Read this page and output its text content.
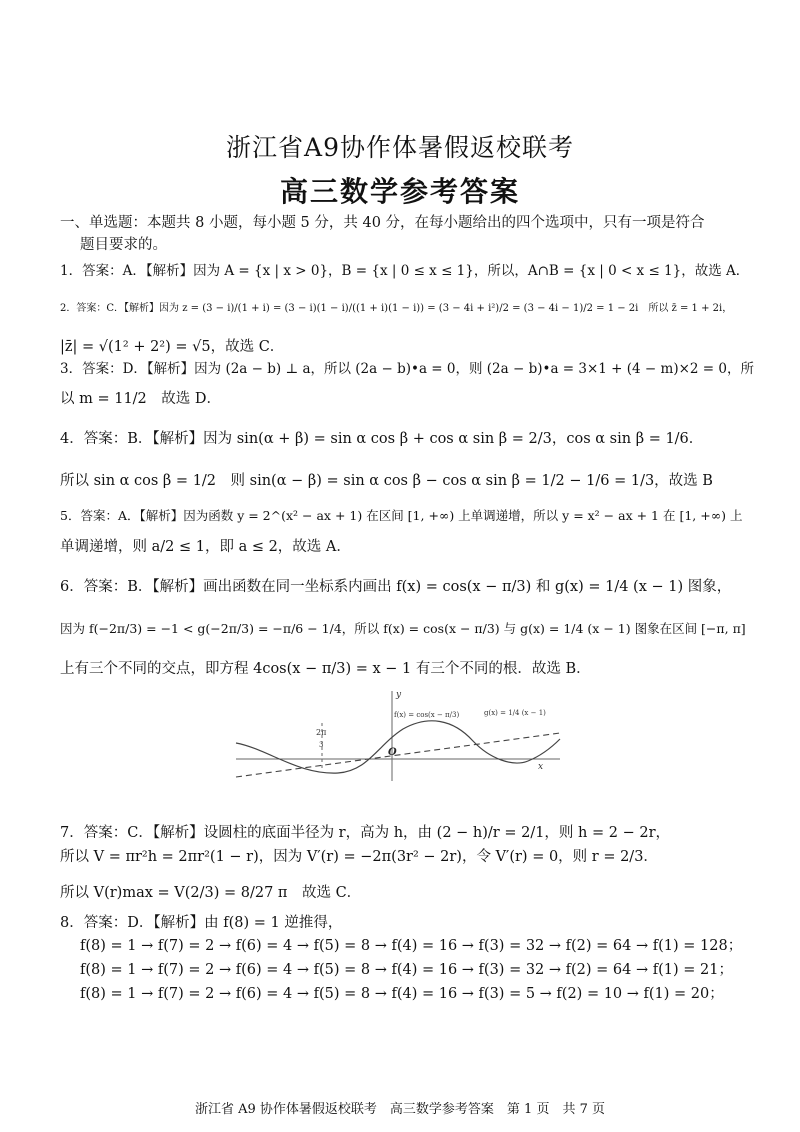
浙江省A9协作体暑假返校联考
高三数学参考答案
一、单选题：本题共 8 小题，每小题 5 分，共 40 分，在每小题给出的四个选项中，只有一项是符合
题目要求的。
1．答案：A．【解析】因为 A = {x | x > 0}，B = {x | 0 ≤ x ≤ 1}，所以，A∩B = {x | 0 < x ≤ 1}，故选 A．
2．答案：C．【解析】因为 z = (3 − i)/(1 + i) = (3 − i)(1 − i)/((1 + i)(1 − i)) = (3 − 4i + i²)/2 = (3 − 4i − 1)/2 = 1 − 2i　所以 z̄ = 1 + 2i，
|z̄| = √(1² + 2²) = √5，故选 C．
3．答案：D．【解析】因为 (2a − b) ⊥ a，所以 (2a − b)•a = 0，则 (2a − b)•a = 3×1 + (4 − m)×2 = 0，所
以 m = 11/2　故选 D．
4．答案：B．【解析】因为 sin(α + β) = sin α cos β + cos α sin β = 2/3，cos α sin β = 1/6．
所以 sin α cos β = 1/2　则 sin(α − β) = sin α cos β − cos α sin β = 1/2 − 1/6 = 1/3，故选 B
5．答案：A．【解析】因为函数 y = 2^(x² − ax + 1) 在区间 [1, +∞) 上单调递增，所以 y = x² − ax + 1 在 [1, +∞) 上
单调递增，则 a/2 ≤ 1，即 a ≤ 2，故选 A．
6．答案：B．【解析】画出函数在同一坐标系内画出 f(x) = cos(x − π/3) 和 g(x) = 1/4 (x − 1) 图象，
因为 f(−2π/3) = −1 < g(−2π/3) = −π/6 − 1/4，所以 f(x) = cos(x − π/3) 与 g(x) = 1/4 (x − 1) 图象在区间 [−π, π]
上有三个不同的交点，即方程 4cos(x − π/3) = x − 1 有三个不同的根．故选 B．
y
x
O
2π
3
f(x) = cos(x − π/3)	g(x) = 1/4 (x − 1)
7．答案：C．【解析】设圆柱的底面半径为 r，高为 h，由 (2 − h)/r = 2/1，则 h = 2 − 2r，
所以 V = πr²h = 2πr²(1 − r)，因为 V′(r) = −2π(3r² − 2r)，令 V′(r) = 0，则 r = 2/3．
所以 V(r)max = V(2/3) = 8/27 π　故选 C．
8．答案：D．【解析】由 f(8) = 1 逆推得，
f(8) = 1 → f(7) = 2 → f(6) = 4 → f(5) = 8 → f(4) = 16 → f(3) = 32 → f(2) = 64 → f(1) = 128；
f(8) = 1 → f(7) = 2 → f(6) = 4 → f(5) = 8 → f(4) = 16 → f(3) = 32 → f(2) = 64 → f(1) = 21；
f(8) = 1 → f(7) = 2 → f(6) = 4 → f(5) = 8 → f(4) = 16 → f(3) = 5 → f(2) = 10 → f(1) = 20；
浙江省 A9 协作体暑假返校联考　高三数学参考答案　第 1 页　共 7 页
